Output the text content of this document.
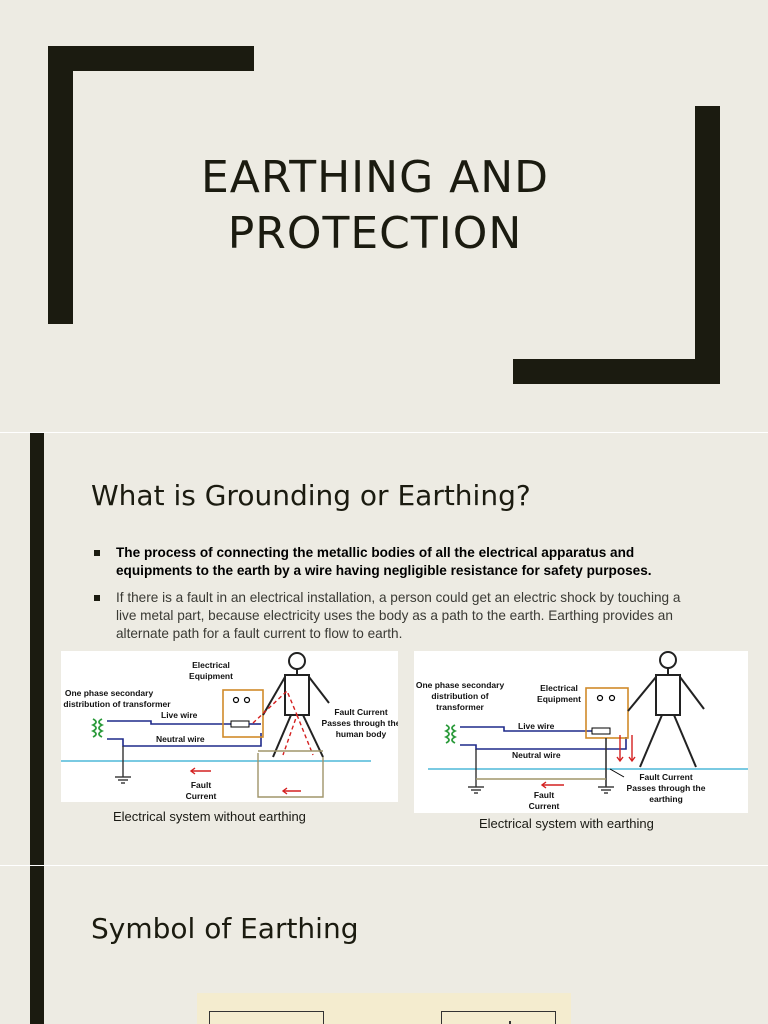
EARTHING AND
PROTECTION
What is Grounding or Earthing?
The process of connecting the metallic bodies of all the electrical apparatus and equipments to the earth by a wire having negligible resistance for safety purposes.
If there is a fault in an electrical installation, a person could get an electric shock by touching a live metal part, because electricity uses the body as a path to the earth. Earthing provides an alternate path for a fault current to flow to earth.
Electrical
Equipment
One phase secondary
distribution of transformer
Live wire
Neutral wire
Fault
Current
Fault Current
Passes through the
human body
Electrical system without earthing
One phase secondary
distribution of
transformer
Electrical
Equipment
Live wire
Neutral wire
Fault
Current
Fault Current
Passes through the
earthing
Electrical system with earthing
Symbol of Earthing
